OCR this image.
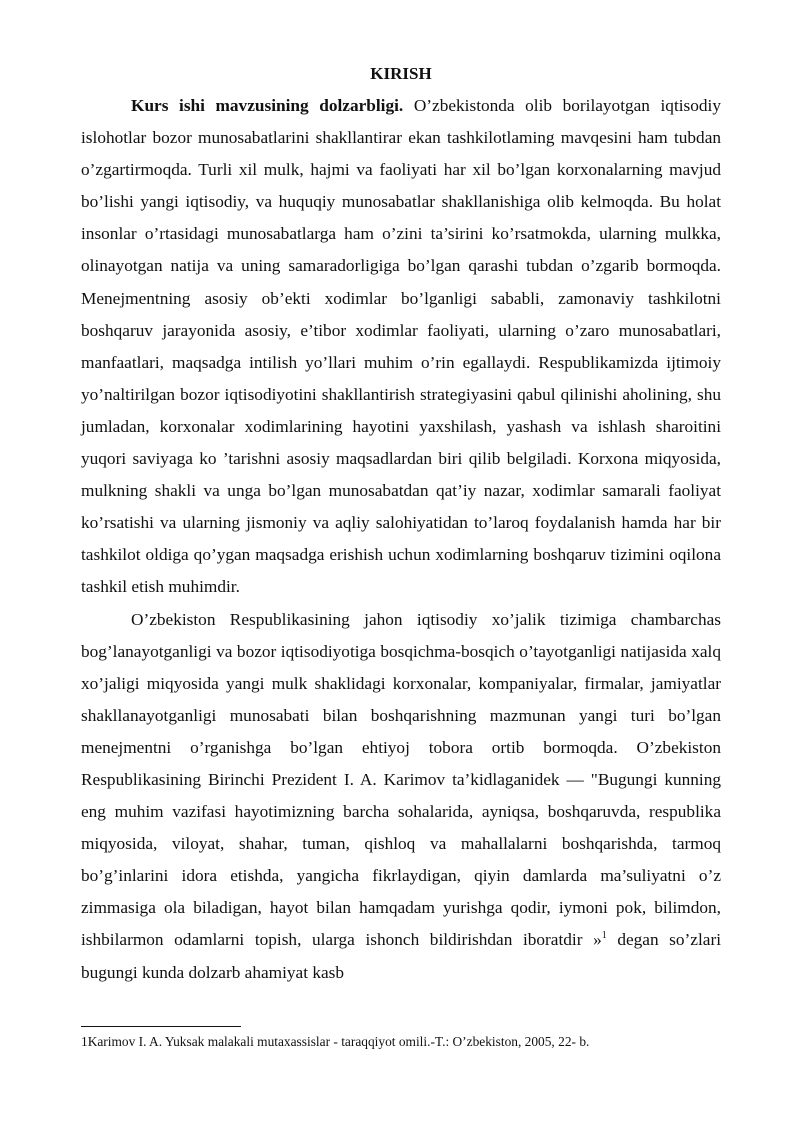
KIRISH

Kurs ishi mavzusining dolzarbligi. O’zbekistonda olib borilayotgan iqtisodiy islohotlar bozor munosabatlarini shakllantirar ekan tashkilotlaming mavqesini ham tubdan o’zgartirmoqda. Turli xil mulk, hajmi va faoliyati har xil bo’lgan korxonalarning mavjud bo’lishi yangi iqtisodiy, va huquqiy munosabatlar shakllanishiga olib kelmoqda. Bu holat insonlar o’rtasidagi munosabatlarga ham o’zini ta’sirini ko’rsatmokda, ularning mulkka, olinayotgan natija va uning samaradorligiga bo’lgan qarashi tubdan o’zgarib bormoqda. Menejmentning asosiy ob’ekti xodimlar bo’lganligi sababli, zamonaviy tashkilotni boshqaruv jarayonida asosiy, e’tibor xodimlar faoliyati, ularning o’zaro munosabatlari, manfaatlari, maqsadga intilish yo’llari muhim o’rin egallaydi. Respublikamizda ijtimoiy yo’naltirilgan bozor iqtisodiyotini shakllantirish strategiyasini qabul qilinishi aholining, shu jumladan, korxonalar xodimlarining hayotini yaxshilash, yashash va ishlash sharoitini yuqori saviyaga ko ’tarishni asosiy maqsadlardan biri qilib belgiladi. Korxona miqyosida, mulkning shakli va unga bo’lgan munosabatdan qat’iy nazar, xodimlar samarali faoliyat ko’rsatishi va ularning jismoniy va aqliy salohiyatidan to’laroq foydalanish hamda har bir tashkilot oldiga qo’ygan maqsadga erishish uchun xodimlarning boshqaruv tizimini oqilona tashkil etish muhimdir.

O’zbekiston Respublikasining jahon iqtisodiy xo’jalik tizimiga chambarchas bog’lanayotganligi va bozor iqtisodiyotiga bosqichma-bosqich o’tayotganligi natijasida xalq xo’jaligi miqyosida yangi mulk shaklidagi korxonalar, kompaniyalar, firmalar, jamiyatlar shakllanayotganligi munosabati bilan boshqarishning mazmunan yangi turi bo’lgan menejmentni o’rganishga bo’lgan ehtiyoj tobora ortib bormoqda. O’zbekiston Respublikasining Birinchi Prezident I. A. Karimov ta’kidlaganidek — "Bugungi kunning eng muhim vazifasi hayotimizning barcha sohalarida, ayniqsa, boshqaruvda, respublika miqyosida, viloyat, shahar, tuman, qishloq va mahallalarni boshqarishda, tarmoq bo’g’inlarini idora etishda, yangicha fikrlaydigan, qiyin damlarda ma’suliyatni o’z zimmasiga ola biladigan, hayot bilan hamqadam yurishga qodir, iymoni pok, bilimdon, ishbilarmon odamlarni topish, ularga ishonch bildirishdan iboratdir »$^1$ degan so’zlari bugungi kunda dolzarb ahamiyat kasb

1Karimov I. A. Yuksak malakali mutaxassislar - taraqqiyot omili.-T.: O’zbekiston, 2005, 22- b.
